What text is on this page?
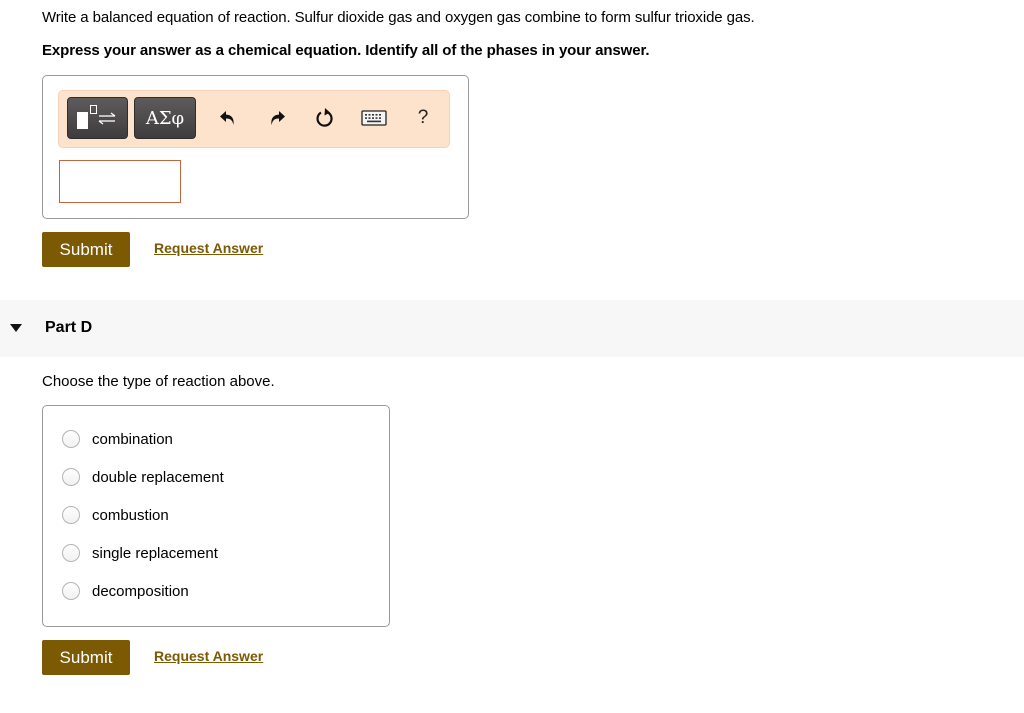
Write a balanced equation of reaction. Sulfur dioxide gas and oxygen gas combine to form sulfur trioxide gas.
Express your answer as a chemical equation. Identify all of the phases in your answer.
ΑΣφ	?
Submit	Request Answer
Part D
Choose the type of reaction above.
combination
double replacement
combustion
single replacement
decomposition
Submit	Request Answer
